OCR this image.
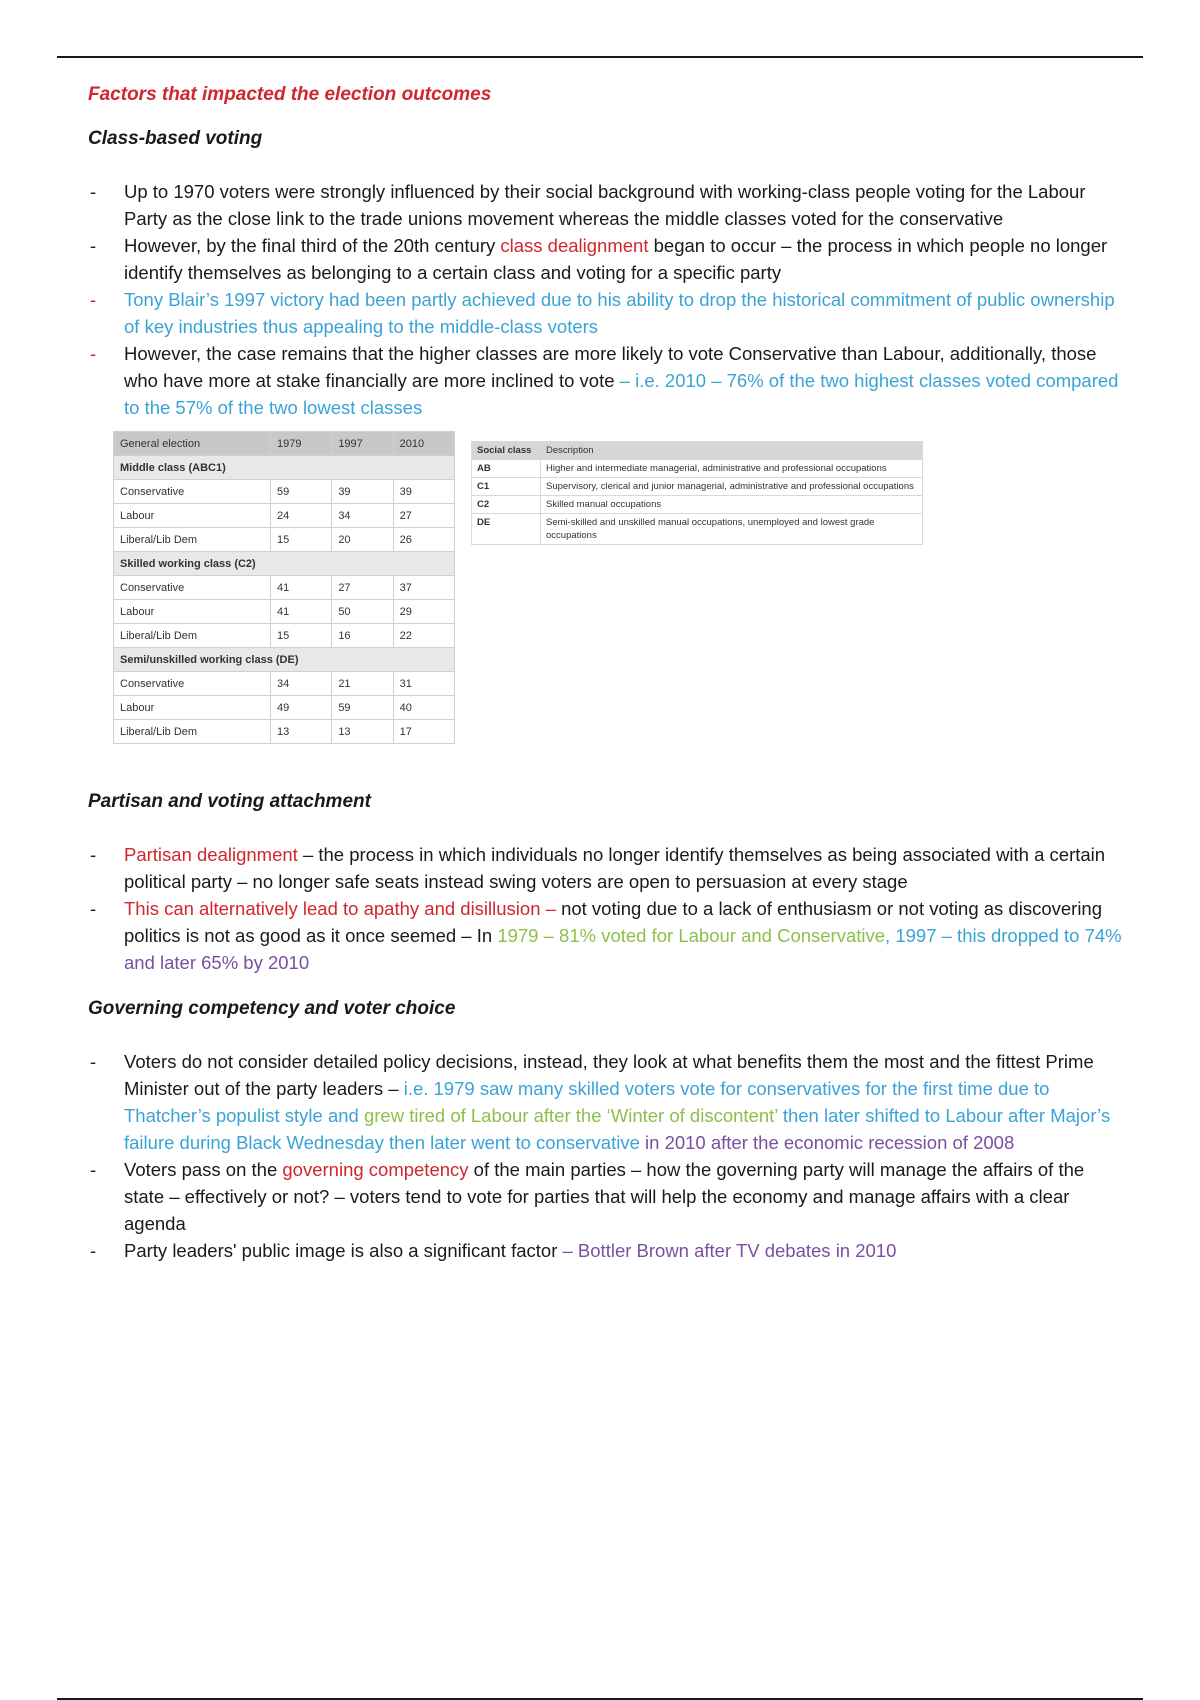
Factors that impacted the election outcomes
Class-based voting
-	Up to 1970 voters were strongly influenced by their social background with working-class people voting for the Labour Party as the close link to the trade unions movement whereas the middle classes voted for the conservative
-	However, by the final third of the 20th century class dealignment began to occur – the process in which people no longer identify themselves as belonging to a certain class and voting for a specific party
-	Tony Blair’s 1997 victory had been partly achieved due to his ability to drop the historical commitment of public ownership of key industries thus appealing to the middle-class voters
-	However, the case remains that the higher classes are more likely to vote Conservative than Labour, additionally, those who have more at stake financially are more inclined to vote – i.e. 2010 – 76% of the two highest classes voted compared to the 57% of the two lowest classes
General election	1979	1997	2010
Middle class (ABC1)			
Conservative	59	39	39
Labour	24	34	27
Liberal/Lib Dem	15	20	26
Skilled working class (C2)			
Conservative	41	27	37
Labour	41	50	29
Liberal/Lib Dem	15	16	22
Semi/unskilled working class (DE)			
Conservative	34	21	31
Labour	49	59	40
Liberal/Lib Dem	13	13	17
Social class	Description
AB	Higher and intermediate managerial, administrative and professional occupations
C1	Supervisory, clerical and junior managerial, administrative and professional occupations
C2	Skilled manual occupations
DE	Semi-skilled and unskilled manual occupations, unemployed and lowest grade occupations
Partisan and voting attachment
-	Partisan dealignment – the process in which individuals no longer identify themselves as being associated with a certain political party – no longer safe seats instead swing voters are open to persuasion at every stage
-	This can alternatively lead to apathy and disillusion – not voting due to a lack of enthusiasm or not voting as discovering politics is not as good as it once seemed – In 1979 – 81% voted for Labour and Conservative, 1997 – this dropped to 74% and later 65% by 2010
Governing competency and voter choice
-	Voters do not consider detailed policy decisions, instead, they look at what benefits them the most and the fittest Prime Minister out of the party leaders – i.e. 1979 saw many skilled voters vote for conservatives for the first time due to Thatcher’s populist style and grew tired of Labour after the ‘Winter of discontent’ then later shifted to Labour after Major’s failure during Black Wednesday then later went to conservative in 2010 after the economic recession of 2008
-	Voters pass on the governing competency of the main parties – how the governing party will manage the affairs of the state – effectively or not? – voters tend to vote for parties that will help the economy and manage affairs with a clear agenda
-	Party leaders' public image is also a significant factor – Bottler Brown after TV debates in 2010
